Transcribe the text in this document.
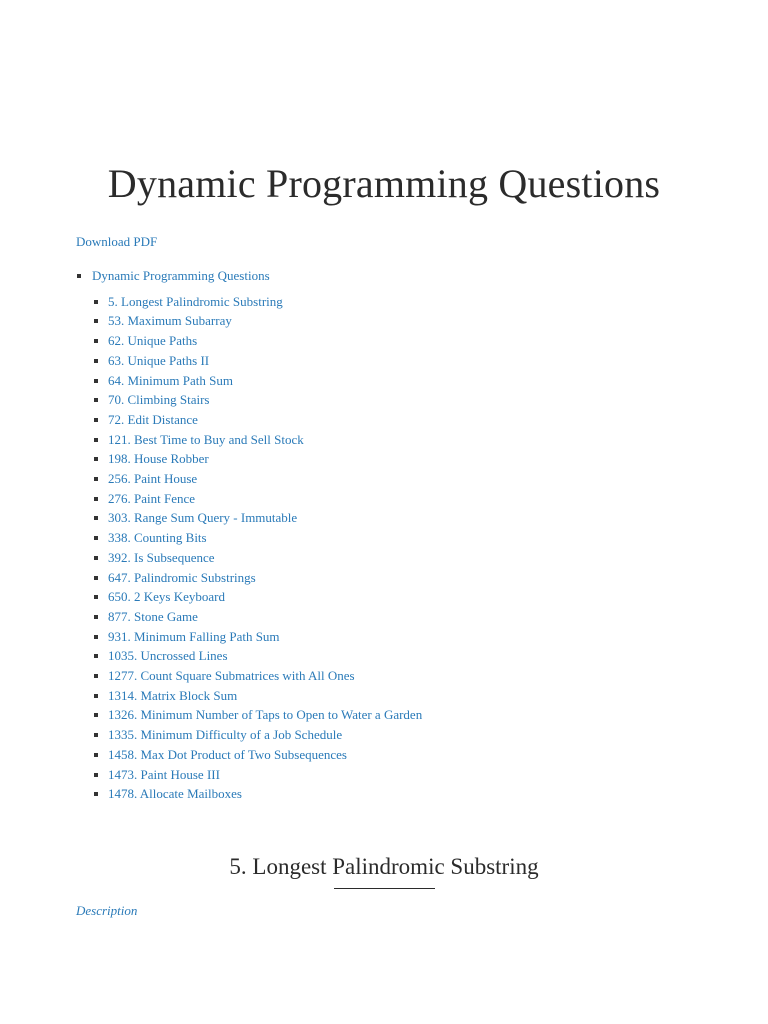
Dynamic Programming Questions
Download PDF
Dynamic Programming Questions
5. Longest Palindromic Substring
53. Maximum Subarray
62. Unique Paths
63. Unique Paths II
64. Minimum Path Sum
70. Climbing Stairs
72. Edit Distance
121. Best Time to Buy and Sell Stock
198. House Robber
256. Paint House
276. Paint Fence
303. Range Sum Query - Immutable
338. Counting Bits
392. Is Subsequence
647. Palindromic Substrings
650. 2 Keys Keyboard
877. Stone Game
931. Minimum Falling Path Sum
1035. Uncrossed Lines
1277. Count Square Submatrices with All Ones
1314. Matrix Block Sum
1326. Minimum Number of Taps to Open to Water a Garden
1335. Minimum Difficulty of a Job Schedule
1458. Max Dot Product of Two Subsequences
1473. Paint House III
1478. Allocate Mailboxes
5. Longest Palindromic Substring
Description
